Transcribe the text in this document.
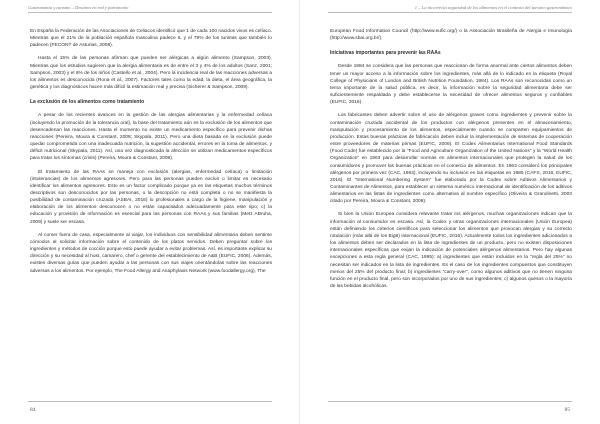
Gastronomía y turismo – Destinos en red y patrimonio

En España la Federación de las Asociaciones de Celiacos identificó que 1 de cada 100 nacidos vivos es celíaco. Mientras que el 21% de la población española masculina padece IL y el 79% de los turistas que también lo padecen (FECONT de Asturias, 2008).

Hasta el 15% de las personas afirman que pueden ser alérgicas a algún alimento (Sampson, 2003). Mientras que los estudios sugieren que la alergia alimentaria es de entre el 3 y 4% de los adultos (Sanz, 2001; Sampson, 2003) y el 6% de los niños (Castello et al., 2004). Pero la incidencia real de las reacciones adversas a los alimentos es desconocida (Rona et al., 2007). Factores tales como la edad, la dieta, el área geográfica, la genética y los diagnósticos hacen más difícil la estimación real y precisa (Sicherer & Sampson, 2009).

La exclusión de los alimentos como tratamiento

A pesar de los recientes avances en la gestión de las alergias alimentarias y la enfermedad celíaca (incluyendo la promoción de la tolerancia oral), la base del tratamiento aún es la exclusión de los alimentos que desencadenan las reacciones. Hasta el momento no existe un medicamento específico para prevenir dichas reacciones (Pereira, Moura & Constant, 2008; Skypala, 2011). Pero una dieta basada en la exclusión puede quedar comprometida con una inadecuada nutrición, la sugestión accidental, errores en la toma de alimentos, y déficit nutricional (Skypala, 2011). Así, una vez diagnosticada la afección se utilizan medicamentos específicos para tratar los síntomas (crisis) (Pereira, Moura & Constant, 2008).

El tratamiento de las RAAs se maneja con exclusión (alergias, enfermedad celíaca) o limitación (intolerancias) de los alimentos agresores. Pero para las personas pueden excluir o limitar es necesario identificar los alimentos agresores. Esto es un factor complicado porque ya en las etiquetas muchos términos descriptivos son desconocidos por las personas, o la descripción no está completa o no se manifiesta la posibilidad de contaminación cruzada (ASBAI, 2016) lo profesionales a cargo de la higiene, manipulación y elaboración de los alimentos desconocen o no están capacitados adecuadamente para este tipo; c) la educación y provisión de información es esencial para las personas con RAAs y sus familias (Metz ABruha, 2009) y suele ser escasa.

Al comer fuera de casa, especialmente al viajar, los individuos con sensibilidad alimentaria deben sentirse cómodos al solicitar información sobre el contenido de los platos servidos. Deben preguntar sobre los ingredientes y métodos de cocción porque esto puede ayudar a evitar problemas. Así, es importante explicar su dirección y su necesidad al host, camarero, chef o gerente del establecimiento de A&B (EUFIC, 2006). Además, existen diversas guías que pueden ayudar a las personas con sus viajes orientándolas sobre las reacciones adversas a los alimentos. Por ejemplo, The Food Allergy and Anaphylaxis Network (www.foodallergy.org), The

84
1 – La incorrecta seguridad de los alimentos en el contexto del turismo gastronómico

European Food Information Council (http://www.eufic.org/) o la Associación Brasileña de Alergia e Imunología (http://www.sbai.org.br/).

Iniciativas importantes para prevenir las RAAs

Desde 1984 se considera que las personas que reaccionan de forma anormal ante ciertos alimentos deben tener un mayor acceso a la información sobre los ingredientes, más allá de lo indicado en la etiqueta (Royal College of Physicians of London and British Nutrition Foundation, 1984). Los RAAs son reconocidas como un tema importante de la salud pública, es decir, la información sobre la seguridad alimentaria debe ser suficientemente respaldada y debe establecerse la necesidad de ofrecer alimentos seguros y confiables (EUFIC, 2016).

Los fabricantes deben advertir sobre el uso de alérgenos graves como ingredientes y prevenir sobre la contaminación cruzada accidental de los productos con alérgenos presentes en el almacenamiento, manipulación y procesamiento de los alimentos, especialmente cuando se comparten equipamientos de producción. Estas buenas prácticas de fabricación deben incluir la implementación de sistemas de cooperación entre proveedores de materias primas (EUFIC, 2006). El Codex Alimentarius International Food Standards (Food Code) fue establecido por la "Food and Agriculture Organization of the United Nations" y la "World Health Organization" en 1963 para desarrollar normas en alimentos internacionales que protegen la salud de los consumidores y promover las buenas prácticas en el comercio de alimentos. En 1963 consideró los principales alérgenos por primera vez (CAC, 1963), incluyendo su inclusión en las etiquetas en 1985 (CAFS, 2016; EUFIC, 2016). El "International Numbering System" fue elaborado por la Codex sobre Aditivos Alimentarios y Contaminantes de Alimentos, para establecer un sistema numérico internacional de identificación de los aditivos alimentarios en las listas de ingredientes como alternativa al nombre específico (Oliveira & Grandinetti, 2003 citado por Pereira, Moura & Constant, 2008).

Si bien la Unión Europea considera relevante tratar los alérgenos, muchas organizaciones indican que la información al consumidor es escasa. Así, la Codex y otras organizaciones internacionales (Unión Europea) están definiendo los criterios científicos para seleccionar los alimentos que provocan alergias y su correcto rotulación (más allá de los Big8) internacional (EUFIC, 2016). Actualmente todos los ingredientes adicionados a los alimentos deben ser declarados en la lista de ingredientes de un producto, pero no existen disposiciones internacionales específicas que exijan la indicación de potenciales alérgenos alimentarios. Pero hay algunas excepciones a esta regla general (CAC, 1995): a) ingredientes que están incluidos en la "regla del 25%" no necesitan ser indicados en la lista de ingredientes. Es el caso de los ingredientes compuestos que constituyen menos del 25% del producto final; b) ingredientes "carry-over", como algunos aditivos que no tienen ninguna función en el producto final, pero son incorporados por uno de sus ingredientes; c) algunos quesos o la mayoría de las bebidas alcohólicas.

85
